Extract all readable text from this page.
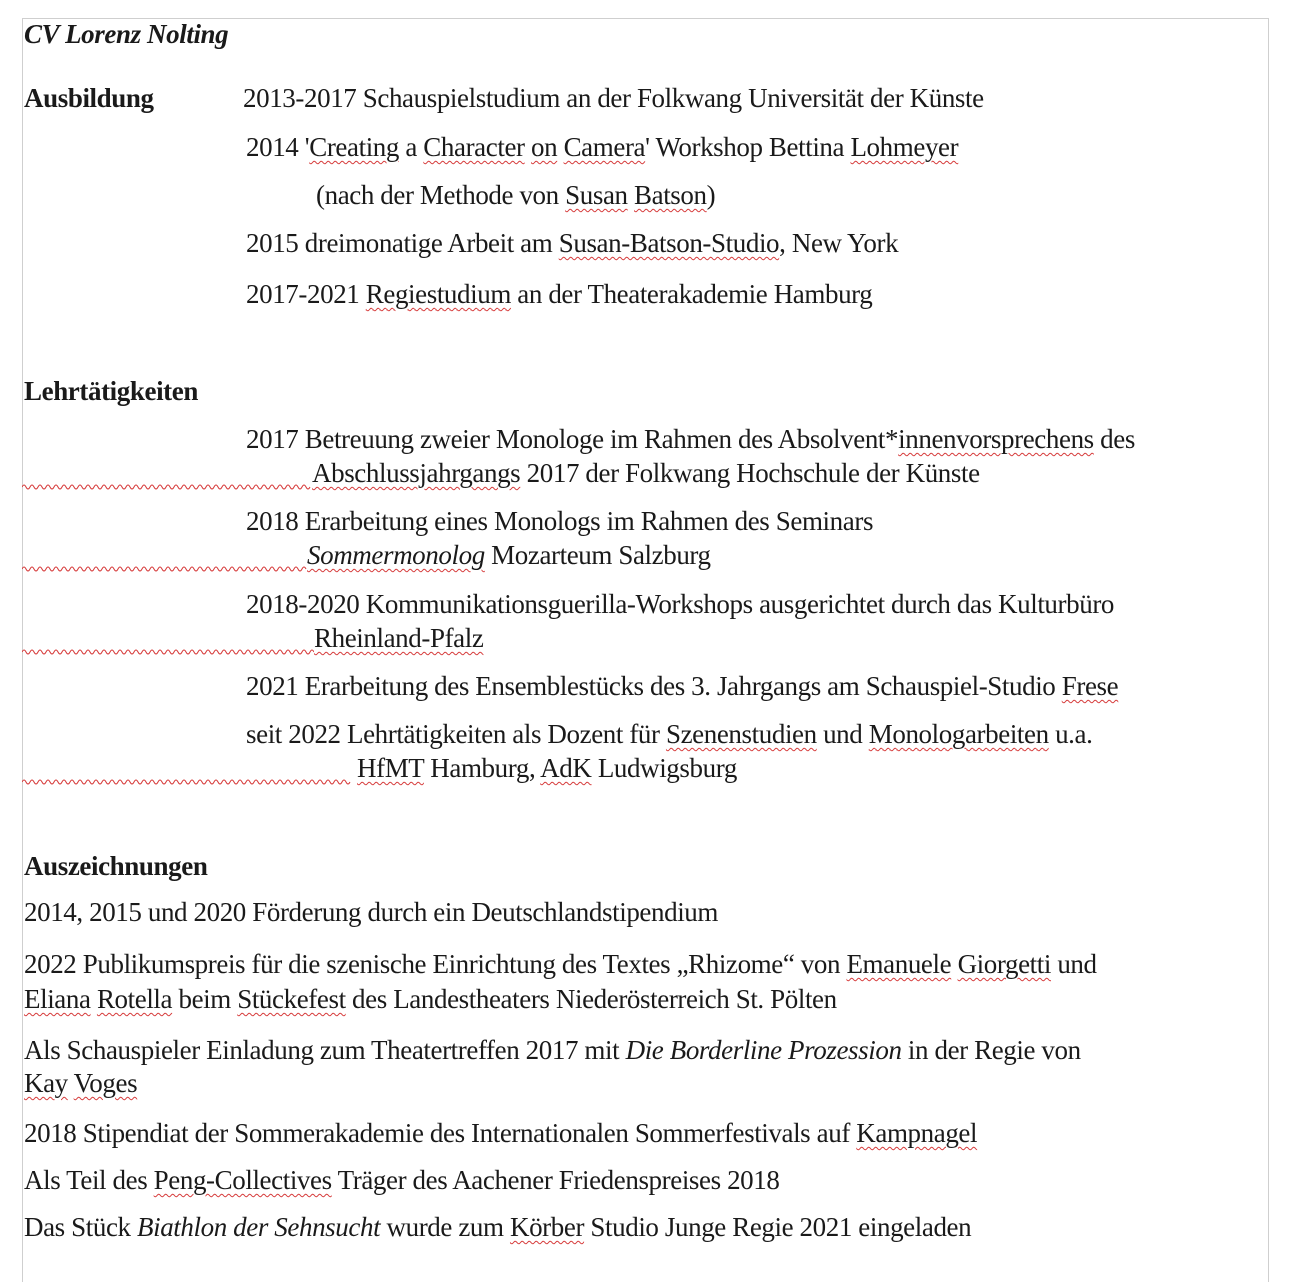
CV Lorenz Nolting
Ausbildung	2013-2017 Schauspielstudium an der Folkwang Universität der Künste
2014 'Creating a Character on Camera' Workshop Bettina Lohmeyer
(nach der Methode von Susan Batson)
2015 dreimonatige Arbeit am Susan-Batson-Studio, New York
2017-2021 Regiestudium an der Theaterakademie Hamburg
Lehrtätigkeiten
2017 Betreuung zweier Monologe im Rahmen des Absolvent*innenvorsprechens des
Abschlussjahrgangs 2017 der Folkwang Hochschule der Künste
2018 Erarbeitung eines Monologs im Rahmen des Seminars
Sommermonolog Mozarteum Salzburg
2018-2020 Kommunikationsguerilla-Workshops ausgerichtet durch das Kulturbüro
Rheinland-Pfalz
2021 Erarbeitung des Ensemblestücks des 3. Jahrgangs am Schauspiel-Studio Frese
seit 2022 Lehrtätigkeiten als Dozent für Szenenstudien und Monologarbeiten u.a.
HfMT Hamburg, AdK Ludwigsburg
Auszeichnungen
2014, 2015 und 2020 Förderung durch ein Deutschlandstipendium
2022 Publikumspreis für die szenische Einrichtung des Textes „Rhizome“ von Emanuele Giorgetti und
Eliana Rotella beim Stückefest des Landestheaters Niederösterreich St. Pölten
Als Schauspieler Einladung zum Theatertreffen 2017 mit Die Borderline Prozession in der Regie von
Kay Voges
2018 Stipendiat der Sommerakademie des Internationalen Sommerfestivals auf Kampnagel
Als Teil des Peng-Collectives Träger des Aachener Friedenspreises 2018
Das Stück Biathlon der Sehnsucht wurde zum Körber Studio Junge Regie 2021 eingeladen
